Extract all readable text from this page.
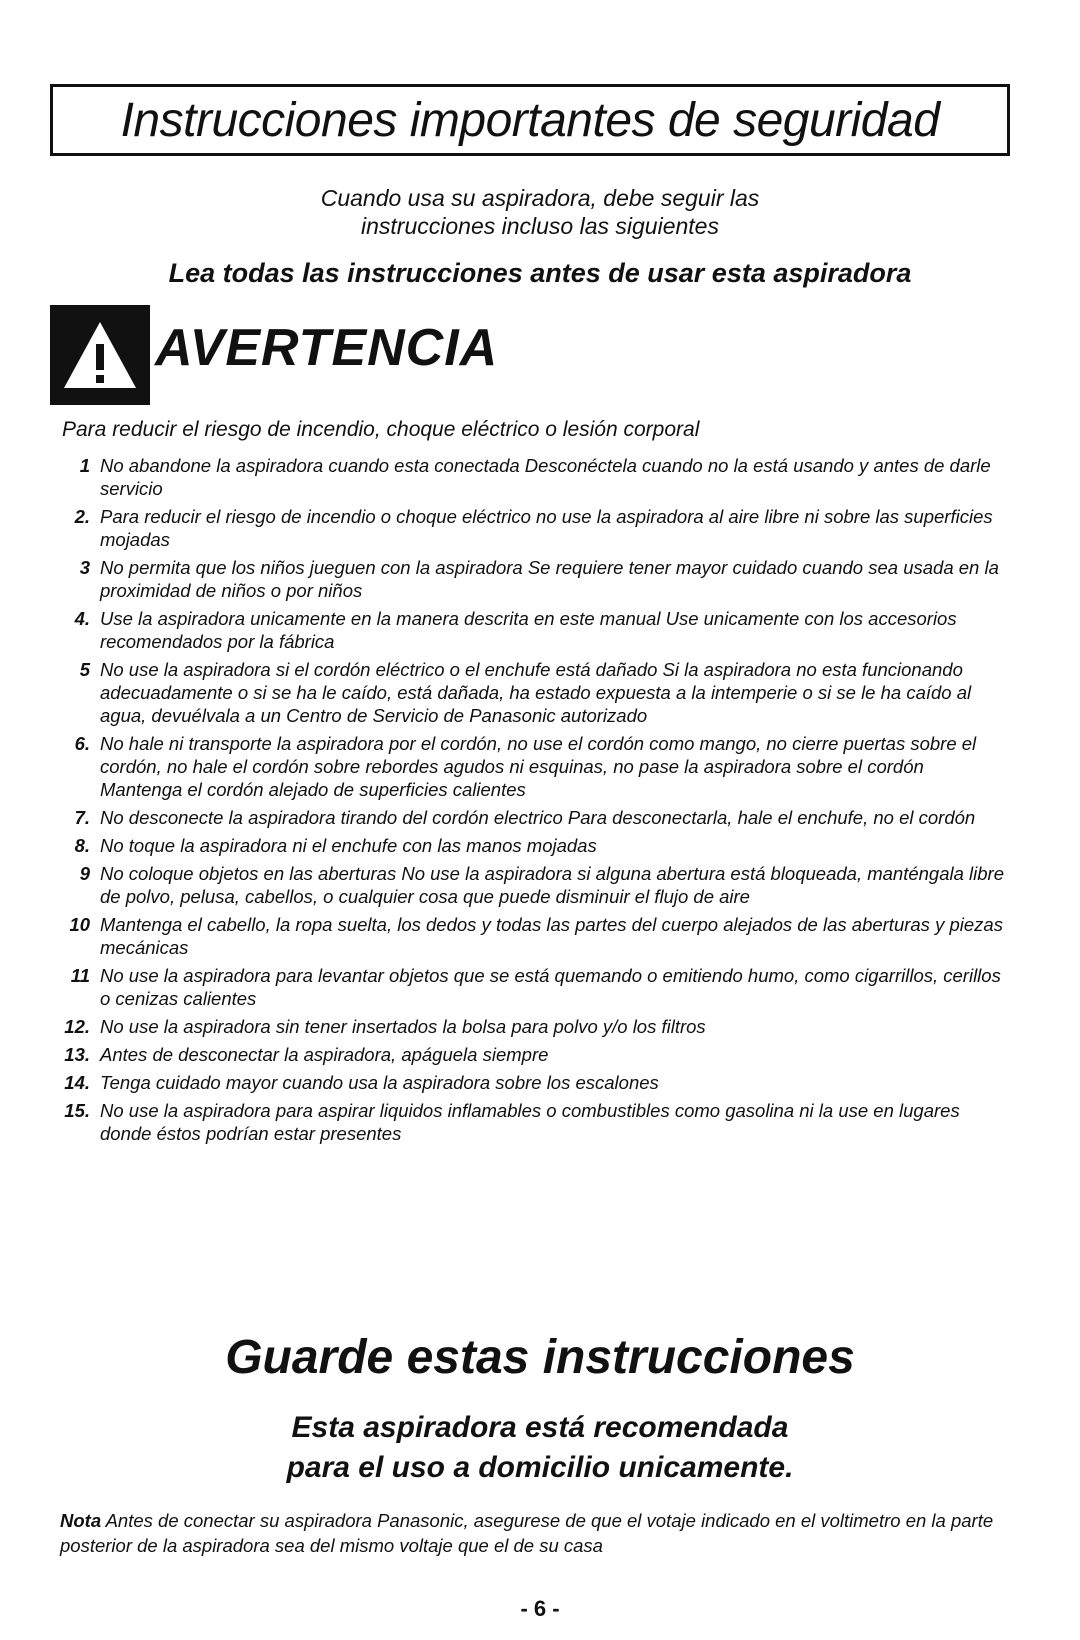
Instrucciones importantes de seguridad
Cuando usa su aspiradora, debe seguir las
instrucciones incluso las siguientes
Lea todas las instrucciones antes de usar esta aspiradora
AVERTENCIA
Para reducir el riesgo de incendio, choque eléctrico o lesión corporal
1 No abandone la aspiradora cuando esta conectada Desconéctela cuando no la está usando y antes de darle servicio
2. Para reducir el riesgo de incendio o choque eléctrico no use la aspiradora al aire libre ni sobre las superficies mojadas
3 No permita que los niños jueguen con la aspiradora Se requiere tener mayor cuidado cuando sea usada en la proximidad de niños o por niños
4. Use la aspiradora unicamente en la manera descrita en este manual Use unicamente con los accesorios recomendados por la fábrica
5 No use la aspiradora si el cordón eléctrico o el enchufe está dañado Si la aspiradora no esta funcionando adecuadamente o si se ha le caído, está dañada, ha estado expuesta a la intemperie o si se le ha caído al agua, devuélvala a un Centro de Servicio de Panasonic autorizado
6. No hale ni transporte la aspiradora por el cordón, no use el cordón como mango, no cierre puertas sobre el cordón, no hale el cordón sobre rebordes agudos ni esquinas, no pase la aspiradora sobre el cordón Mantenga el cordón alejado de superficies calientes
7. No desconecte la aspiradora tirando del cordón electrico Para desconectarla, hale el enchufe, no el cordón
8. No toque la aspiradora ni el enchufe con las manos mojadas
9 No coloque objetos en las aberturas No use la aspiradora si alguna abertura está bloqueada, manténgala libre de polvo, pelusa, cabellos, o cualquier cosa que puede disminuir el flujo de aire
10 Mantenga el cabello, la ropa suelta, los dedos y todas las partes del cuerpo alejados de las aberturas y piezas mecánicas
11 No use la aspiradora para levantar objetos que se está quemando o emitiendo humo, como cigarrillos, cerillos o cenizas calientes
12. No use la aspiradora sin tener insertados la bolsa para polvo y/o los filtros
13. Antes de desconectar la aspiradora, apáguela siempre
14. Tenga cuidado mayor cuando usa la aspiradora sobre los escalones
15. No use la aspiradora para aspirar liquidos inflamables o combustibles como gasolina ni la use en lugares donde éstos podrían estar presentes
Guarde estas instrucciones
Esta aspiradora está recomendada
para el uso a domicilio unicamente.
Nota Antes de conectar su aspiradora Panasonic, asegurese de que el votaje indicado en el voltimetro en la parte posterior de la aspiradora sea del mismo voltaje que el de su casa
- 6 -
